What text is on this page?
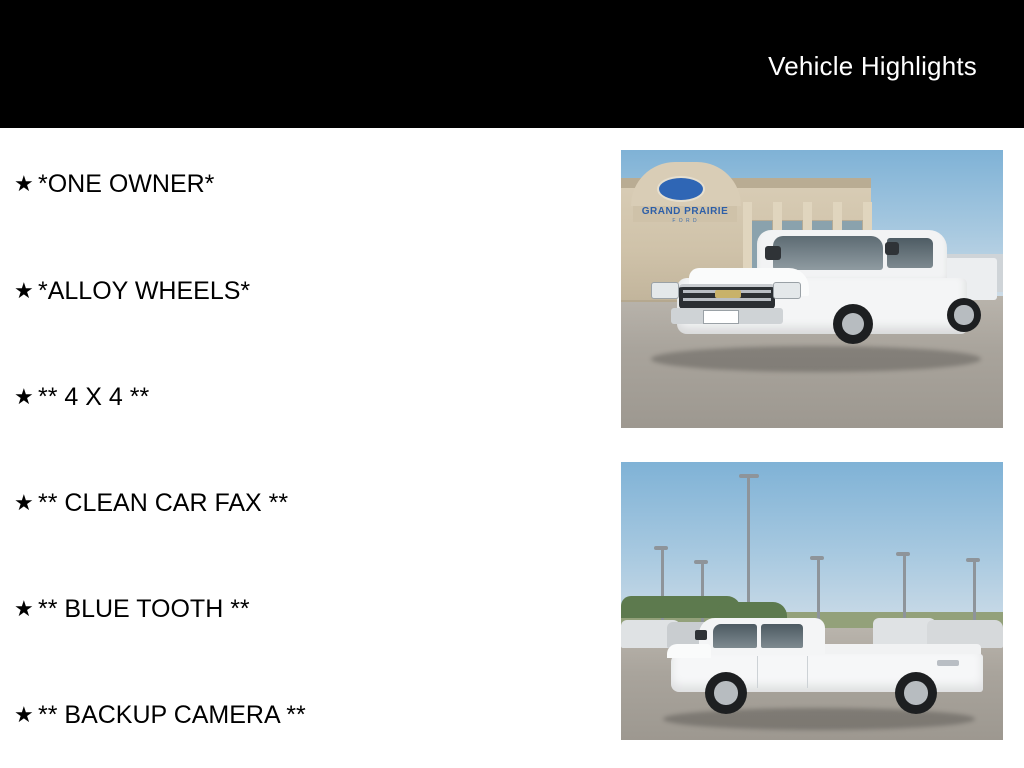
Vehicle Highlights
★ *ONE OWNER*
★ *ALLOY WHEELS*
★ ** 4 X 4 **
★ ** CLEAN CAR FAX **
★ ** BLUE TOOTH **
★ ** BACKUP CAMERA **
GRAND PRAIRIE
F O R D
